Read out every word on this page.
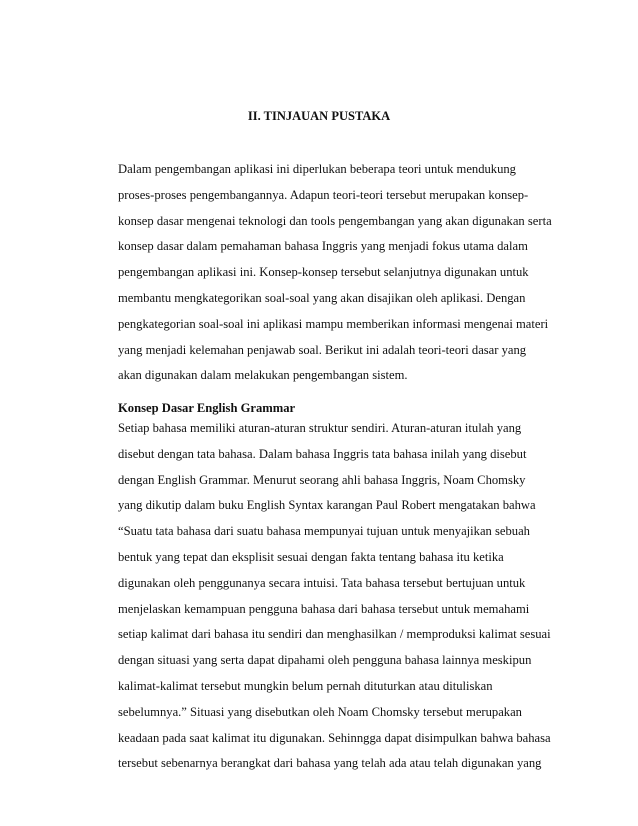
II. TINJAUAN PUSTAKA
Dalam pengembangan aplikasi ini diperlukan beberapa teori untuk mendukung
proses-proses pengembangannya. Adapun teori-teori tersebut merupakan konsep-
konsep dasar mengenai teknologi dan tools pengembangan yang akan digunakan serta
konsep dasar dalam pemahaman bahasa Inggris yang menjadi fokus utama dalam
pengembangan aplikasi ini. Konsep-konsep tersebut selanjutnya digunakan untuk
membantu mengkategorikan soal-soal yang akan disajikan oleh aplikasi. Dengan
pengkategorian soal-soal ini aplikasi mampu memberikan informasi mengenai materi
yang menjadi kelemahan penjawab soal. Berikut ini adalah teori-teori dasar yang
akan digunakan dalam melakukan pengembangan sistem.
Konsep Dasar English Grammar
Setiap bahasa memiliki aturan-aturan struktur sendiri. Aturan-aturan itulah yang
disebut dengan tata bahasa. Dalam bahasa Inggris tata bahasa inilah yang disebut
dengan English Grammar. Menurut seorang ahli bahasa Inggris, Noam Chomsky
yang dikutip dalam buku English Syntax karangan Paul Robert mengatakan bahwa
“Suatu tata bahasa dari suatu bahasa mempunyai tujuan untuk menyajikan sebuah
bentuk yang tepat dan eksplisit sesuai dengan fakta tentang bahasa itu ketika
digunakan oleh penggunanya secara intuisi. Tata bahasa tersebut bertujuan untuk
menjelaskan kemampuan pengguna bahasa dari bahasa tersebut untuk memahami
setiap kalimat dari bahasa itu sendiri dan menghasilkan / memproduksi kalimat sesuai
dengan situasi yang serta dapat dipahami oleh pengguna bahasa lainnya meskipun
kalimat-kalimat tersebut mungkin belum pernah dituturkan atau dituliskan
sebelumnya.” Situasi yang disebutkan oleh Noam Chomsky tersebut merupakan
keadaan pada saat kalimat itu digunakan. Sehinngga dapat disimpulkan bahwa bahasa
tersebut sebenarnya berangkat dari bahasa yang telah ada atau telah digunakan yang
